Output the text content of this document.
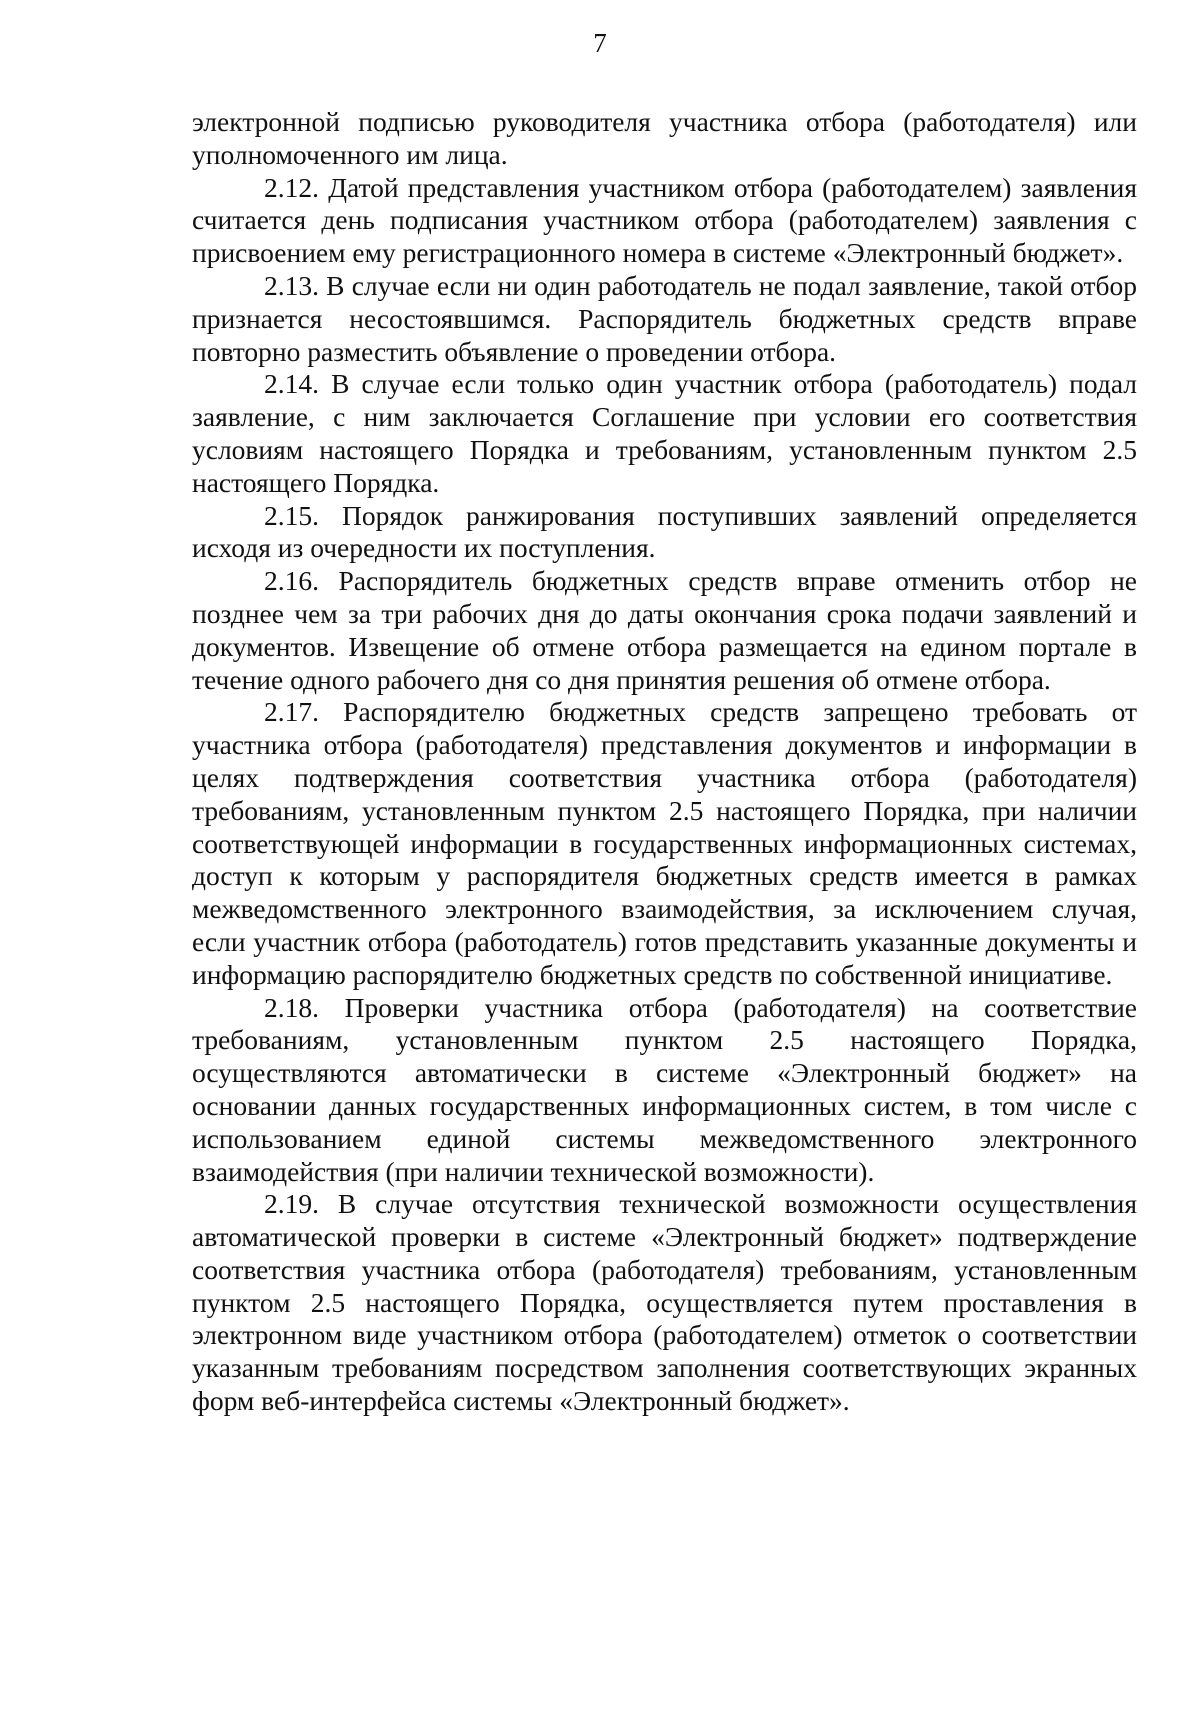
7

электронной подписью руководителя участника отбора (работодателя) или уполномоченного им лица.

2.12. Датой представления участником отбора (работодателем) заявления считается день подписания участником отбора (работодателем) заявления с присвоением ему регистрационного номера в системе «Электронный бюджет».

2.13. В случае если ни один работодатель не подал заявление, такой отбор признается несостоявшимся. Распорядитель бюджетных средств вправе повторно разместить объявление о проведении отбора.

2.14. В случае если только один участник отбора (работодатель) подал заявление, с ним заключается Соглашение при условии его соответствия условиям настоящего Порядка и требованиям, установленным пунктом 2.5 настоящего Порядка.

2.15. Порядок ранжирования поступивших заявлений определяется исходя из очередности их поступления.

2.16. Распорядитель бюджетных средств вправе отменить отбор не позднее чем за три рабочих дня до даты окончания срока подачи заявлений и документов. Извещение об отмене отбора размещается на едином портале в течение одного рабочего дня со дня принятия решения об отмене отбора.

2.17. Распорядителю бюджетных средств запрещено требовать от участника отбора (работодателя) представления документов и информации в целях подтверждения соответствия участника отбора (работодателя) требованиям, установленным пунктом 2.5 настоящего Порядка, при наличии соответствующей информации в государственных информационных системах, доступ к которым у распорядителя бюджетных средств имеется в рамках межведомственного электронного взаимодействия, за исключением случая, если участник отбора (работодатель) готов представить указанные документы и информацию распорядителю бюджетных средств по собственной инициативе.

2.18. Проверки участника отбора (работодателя) на соответствие требованиям, установленным пунктом 2.5 настоящего Порядка, осуществляются автоматически в системе «Электронный бюджет» на основании данных государственных информационных систем, в том числе с использованием единой системы межведомственного электронного взаимодействия (при наличии технической возможности).

2.19. В случае отсутствия технической возможности осуществления автоматической проверки в системе «Электронный бюджет» подтверждение соответствия участника отбора (работодателя) требованиям, установленным пунктом 2.5 настоящего Порядка, осуществляется путем проставления в электронном виде участником отбора (работодателем) отметок о соответствии указанным требованиям посредством заполнения соответствующих экранных форм веб-интерфейса системы «Электронный бюджет».
